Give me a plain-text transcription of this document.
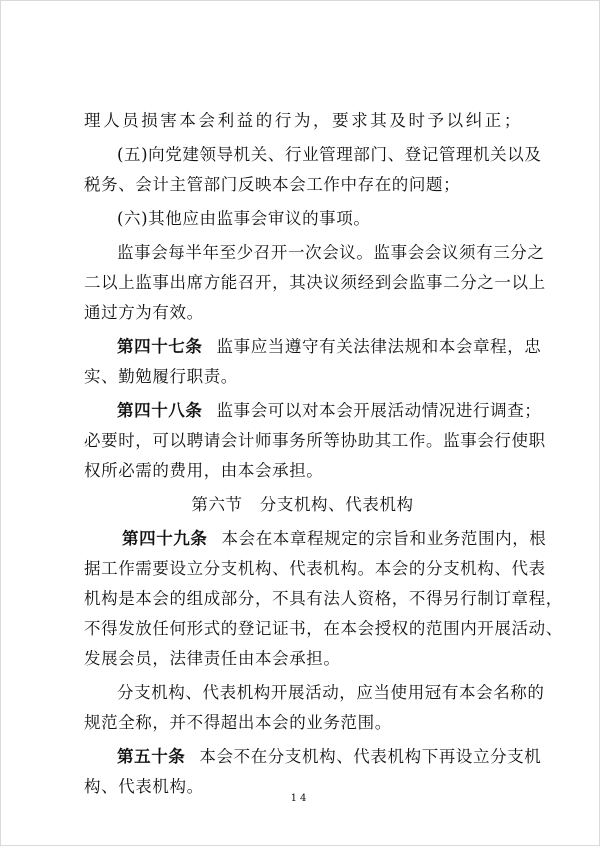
理人员损害本会利益的行为，要求其及时予以纠正；
(五)向党建领导机关、行业管理部门、登记管理机关以及
税务、会计主管部门反映本会工作中存在的问题；
(六)其他应由监事会审议的事项。
监事会每半年至少召开一次会议。监事会会议须有三分之
二以上监事出席方能召开，其决议须经到会监事二分之一以上
通过方为有效。
第四十七条 监事应当遵守有关法律法规和本会章程，忠
实、勤勉履行职责。
第四十八条 监事会可以对本会开展活动情况进行调查；
必要时，可以聘请会计师事务所等协助其工作。监事会行使职
权所必需的费用，由本会承担。
第六节　分支机构、代表机构
第四十九条 本会在本章程规定的宗旨和业务范围内，根
据工作需要设立分支机构、代表机构。本会的分支机构、代表
机构是本会的组成部分，不具有法人资格，不得另行制订章程，
不得发放任何形式的登记证书，在本会授权的范围内开展活动、
发展会员，法律责任由本会承担。
分支机构、代表机构开展活动，应当使用冠有本会名称的
规范全称，并不得超出本会的业务范围。
第五十条 本会不在分支机构、代表机构下再设立分支机
构、代表机构。
14
